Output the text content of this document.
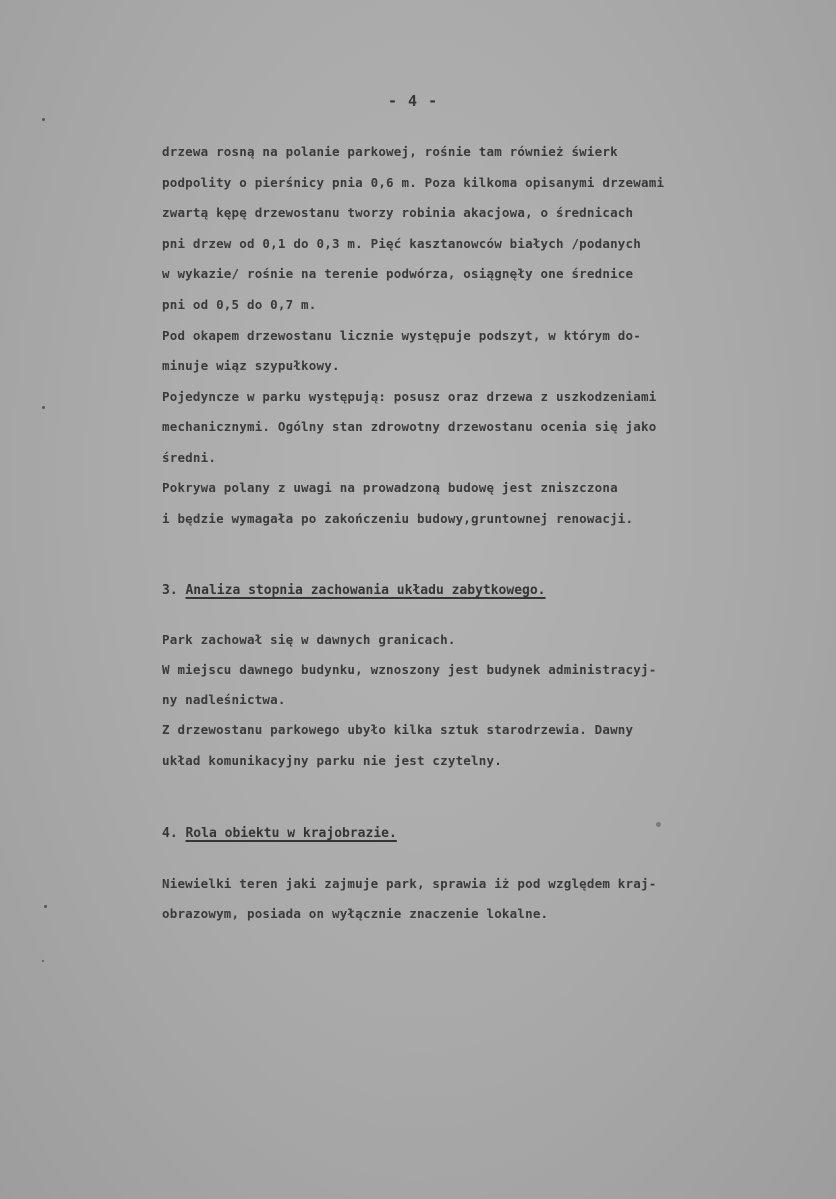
- 4 -
drzewa rosną na polanie parkowej, rośnie tam również świerk
podpolity o pierśnicy pnia 0,6 m. Poza kilkoma opisanymi drzewami
zwartą kępę drzewostanu tworzy robinia akacjowa, o średnicach
pni drzew od 0,1 do 0,3 m. Pięć kasztanowców białych /podanych
w wykazie/ rośnie na terenie podwórza, osiągnęły one średnice
pni od 0,5 do 0,7 m.
Pod okapem drzewostanu licznie występuje podszyt, w którym do-
minuje wiąz szypułkowy.
Pojedyncze w parku występują: posusz oraz drzewa z uszkodzeniami
mechanicznymi. Ogólny stan zdrowotny drzewostanu ocenia się jako
średni.
Pokrywa polany z uwagi na prowadzoną budowę jest zniszczona
i będzie wymagała po zakończeniu budowy,gruntownej renowacji.
3. Analiza stopnia zachowania układu zabytkowego.
Park zachował się w dawnych granicach.
W miejscu dawnego budynku, wznoszony jest budynek administracyj-
ny nadleśnictwa.
Z drzewostanu parkowego ubyło kilka sztuk starodrzewia. Dawny
układ komunikacyjny parku nie jest czytelny.
4. Rola obiektu w krajobrazie.
Niewielki teren jaki zajmuje park, sprawia iż pod względem kraj-
obrazowym, posiada on wyłącznie znaczenie lokalne.
